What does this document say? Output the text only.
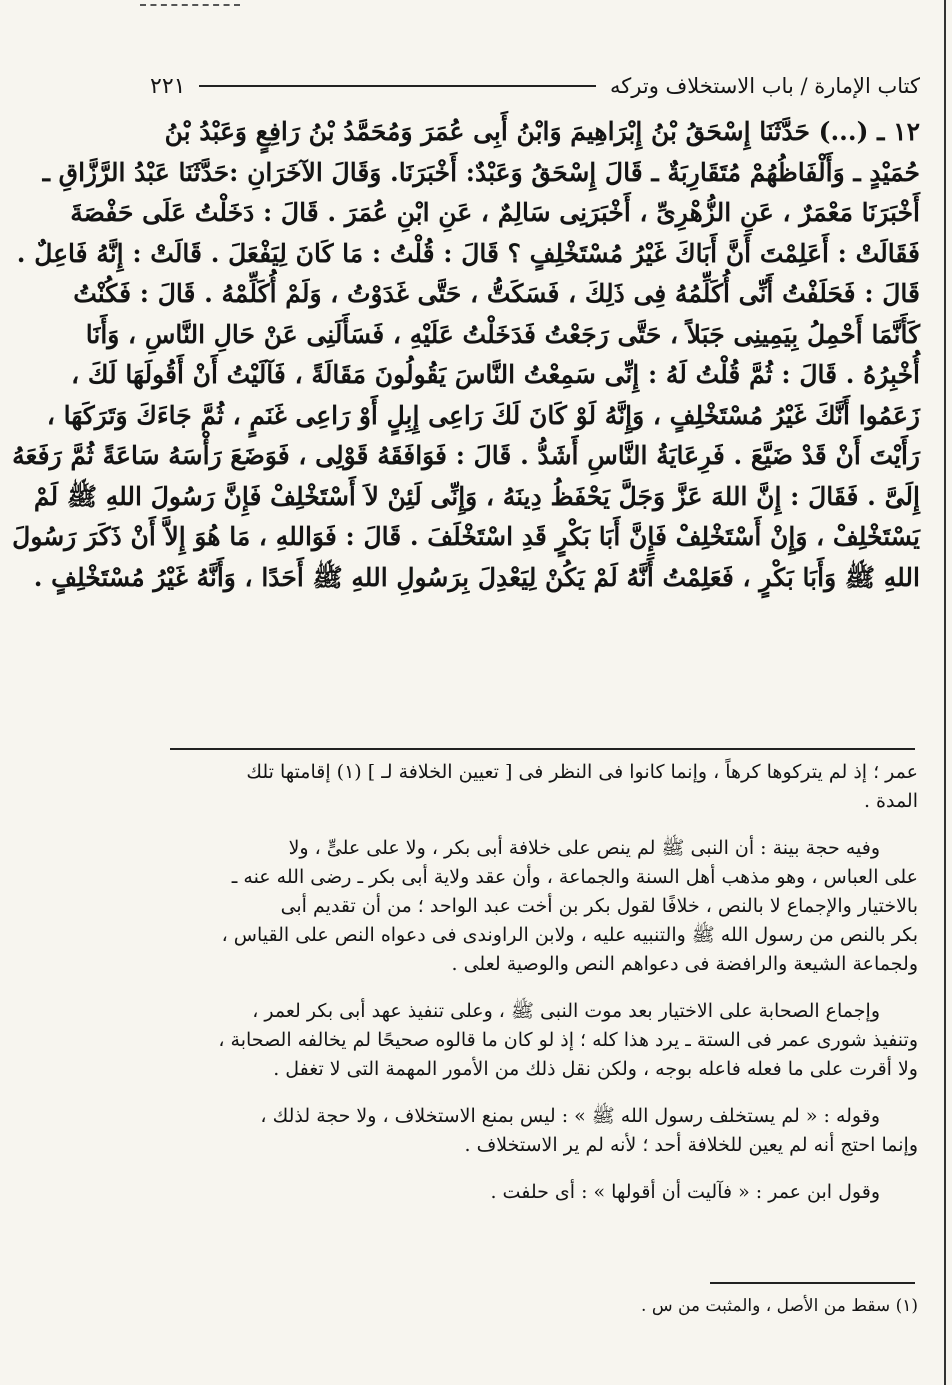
كتاب الإمارة / باب الاستخلاف وتركه
٢٢١
١٢ ـ (...) حَدَّثَنَا إِسْحَقُ بْنُ إِبْرَاهِيمَ وَابْنُ أَبِى عُمَرَ وَمُحَمَّدُ بْنُ رَافِعٍ وَعَبْدُ بْنُ
حُمَيْدٍ ـ وَأَلْفَاظُهُمْ مُتَقَارِبَةٌ ـ قَالَ إِسْحَقُ وَعَبْدٌ: أَخْبَرَنَا. وَقَالَ الآخَرَانِ :حَدَّثَنَا عَبْدُ الرَّزَّاقِ ـ
أَخْبَرَنَا مَعْمَرٌ ، عَنِ الزُّهْرِىِّ ، أَخْبَرَنِى سَالِمٌ ، عَنِ ابْنِ عُمَرَ . قَالَ : دَخَلْتُ عَلَى حَفْصَةَ
فَقَالَتْ : أَعَلِمْتَ أَنَّ أَبَاكَ غَيْرُ مُسْتَخْلِفٍ ؟ قَالَ : قُلْتُ : مَا كَانَ لِيَفْعَلَ . قَالَتْ : إِنَّهُ فَاعِلٌ .
قَالَ : فَحَلَفْتُ أَنِّى أُكَلِّمُهُ فِى ذَلِكَ ، فَسَكَتُّ ، حَتَّى غَدَوْتُ ، وَلَمْ أُكَلِّمْهُ . قَالَ : فَكُنْتُ
كَأَنَّمَا أَحْمِلُ بِيَمِينِى جَبَلاً ، حَتَّى رَجَعْتُ فَدَخَلْتُ عَلَيْهِ ، فَسَأَلَنِى عَنْ حَالِ النَّاسِ ، وَأَنَا
أُخْبِرُهُ . قَالَ : ثُمَّ قُلْتُ لَهُ : إِنِّى سَمِعْتُ النَّاسَ يَقُولُونَ مَقَالَةً ، فَآلَيْتُ أَنْ أَقُولَهَا لَكَ ،
زَعَمُوا أَنَّكَ غَيْرُ مُسْتَخْلِفٍ ، وَإِنَّهُ لَوْ كَانَ لَكَ رَاعِى إِبِلٍ أَوْ رَاعِى غَنَمٍ ، ثُمَّ جَاءَكَ وَتَرَكَهَا ،
رَأَيْتَ أَنْ قَدْ ضَيَّعَ . فَرِعَايَةُ النَّاسِ أَشَدُّ . قَالَ : فَوَافَقَهُ قَوْلِى ، فَوَضَعَ رَأْسَهُ سَاعَةً ثُمَّ رَفَعَهُ
إِلَىَّ . فَقَالَ : إِنَّ اللهَ عَزَّ وَجَلَّ يَحْفَظُ دِينَهُ ، وَإِنِّى لَئِنْ لاَ أَسْتَخْلِفْ فَإِنَّ رَسُولَ اللهِ ﷺ لَمْ
يَسْتَخْلِفْ ، وَإِنْ أَسْتَخْلِفْ فَإِنَّ أَبَا بَكْرٍ قَدِ اسْتَخْلَفَ . قَالَ : فَوَاللهِ ، مَا هُوَ إِلاَّ أَنْ ذَكَرَ رَسُولَ
اللهِ ﷺ وَأَبَا بَكْرٍ ، فَعَلِمْتُ أَنَّهُ لَمْ يَكُنْ لِيَعْدِلَ بِرَسُولِ اللهِ ﷺ أَحَدًا ، وَأَنَّهُ غَيْرُ مُسْتَخْلِفٍ .
عمر ؛ إذ لم يتركوها كرهاً ، وإنما كانوا فى النظر فى [ تعيين الخلافة لـ ] (١) إقامتها تلك
المدة .
وفيه حجة بينة : أن النبى ﷺ لم ينص على خلافة أبى بكر ، ولا على علىٍّ ، ولا
على العباس ، وهو مذهب أهل السنة والجماعة ، وأن عقد ولاية أبى بكر ـ رضى الله عنه ـ
بالاختيار والإجماع لا بالنص ، خلافًا لقول بكر بن أخت عبد الواحد ؛ من أن تقديم أبى
بكر بالنص من رسول الله ﷺ والتنبيه عليه ، ولابن الراوندى فى دعواه النص على القياس ،
ولجماعة الشيعة والرافضة فى دعواهم النص والوصية لعلى .
وإجماع الصحابة على الاختيار بعد موت النبى ﷺ ، وعلى تنفيذ عهد أبى بكر لعمر ،
وتنفيذ شورى عمر فى الستة ـ يرد هذا كله ؛ إذ لو كان ما قالوه صحيحًا لم يخالفه الصحابة ،
ولا أقرت على ما فعله فاعله بوجه ، ولكن نقل ذلك من الأمور المهمة التى لا تغفل .
وقوله : « لم يستخلف رسول الله ﷺ » : ليس بمنع الاستخلاف ، ولا حجة لذلك ،
وإنما احتج أنه لم يعين للخلافة أحد ؛ لأنه لم ير الاستخلاف .
وقول ابن عمر : « فآليت أن أقولها » : أى حلفت .
(١) سقط من الأصل ، والمثبت من س .
